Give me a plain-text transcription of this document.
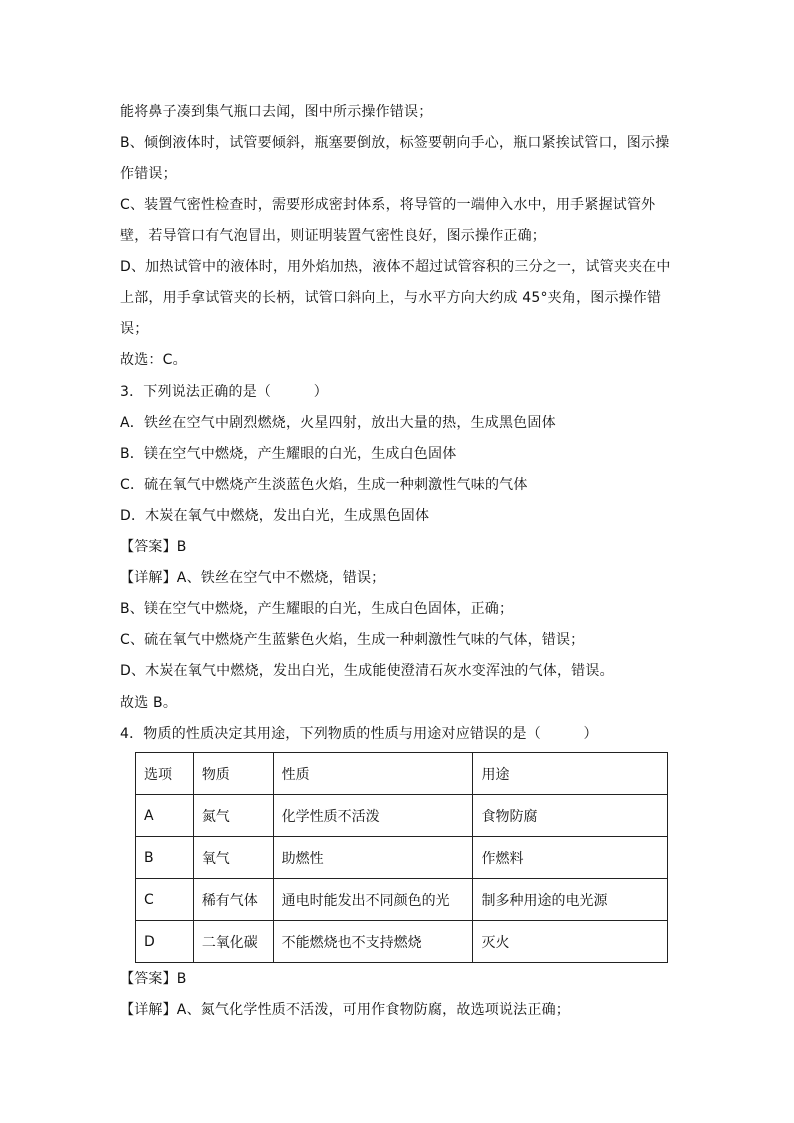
能将鼻子凑到集气瓶口去闻，图中所示操作错误；
B、倾倒液体时，试管要倾斜，瓶塞要倒放，标签要朝向手心，瓶口紧挨试管口，图示操
作错误；
C、装置气密性检查时，需要形成密封体系，将导管的一端伸入水中，用手紧握试管外
壁，若导管口有气泡冒出，则证明装置气密性良好，图示操作正确；
D、加热试管中的液体时，用外焰加热，液体不超过试管容积的三分之一，试管夹夹在中
上部，用手拿试管夹的长柄，试管口斜向上，与水平方向大约成 45°夹角，图示操作错
误；
故选：C。
3．下列说法正确的是（　　　）
A．铁丝在空气中剧烈燃烧，火星四射，放出大量的热，生成黑色固体
B．镁在空气中燃烧，产生耀眼的白光，生成白色固体
C．硫在氧气中燃烧产生淡蓝色火焰，生成一种刺激性气味的气体
D．木炭在氧气中燃烧，发出白光，生成黑色固体
【答案】B
【详解】A、铁丝在空气中不燃烧，错误；
B、镁在空气中燃烧，产生耀眼的白光，生成白色固体，正确；
C、硫在氧气中燃烧产生蓝紫色火焰，生成一种刺激性气味的气体，错误；
D、木炭在氧气中燃烧，发出白光，生成能使澄清石灰水变浑浊的气体，错误。
故选 B。
4．物质的性质决定其用途，下列物质的性质与用途对应错误的是（　　　）
选项	物质	性质	用途
A	氮气	化学性质不活泼	食物防腐
B	氧气	助燃性	作燃料
C	稀有气体	通电时能发出不同颜色的光	制多种用途的电光源
D	二氧化碳	不能燃烧也不支持燃烧	灭火
【答案】B
【详解】A、氮气化学性质不活泼，可用作食物防腐，故选项说法正确；
